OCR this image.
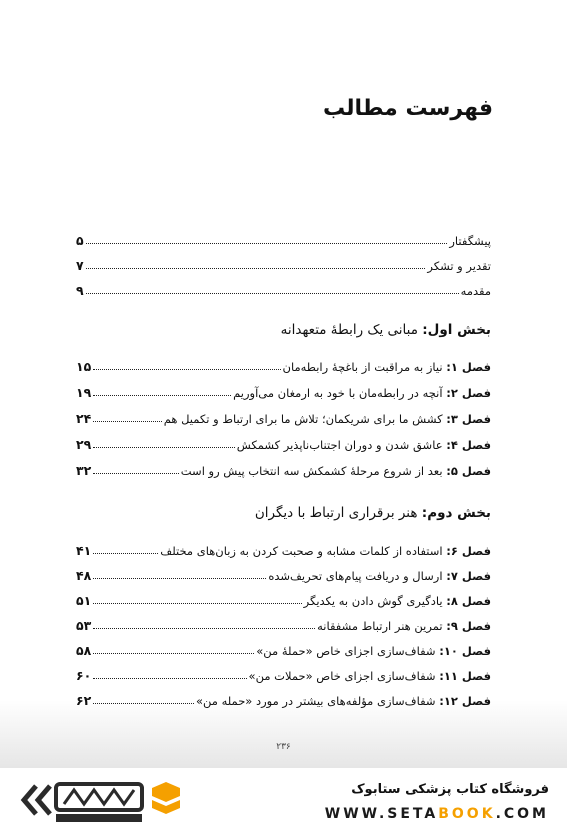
فهرست مطالب
پیشگفتار
۵
تقدیر و تشکر
۷
مقدمه
۹
بخش اول: مبانی یک رابطهٔ متعهدانه
فصل ۱: نیاز به مراقبت از باغچهٔ رابطه‌مان
۱۵
فصل ۲: آنچه در رابطه‌مان با خود به ارمغان می‌آوریم
۱۹
فصل ۳: کشش ما برای شریکمان؛ تلاش ما برای ارتباط و تکمیل هم
۲۴
فصل ۴: عاشق شدن و دوران اجتناب‌ناپذیر کشمکش
۲۹
فصل ۵: بعد از شروع مرحلهٔ کشمکش سه انتخاب پیش رو است
۳۲
بخش دوم: هنر برقراری ارتباط با دیگران
فصل ۶: استفاده از کلمات مشابه و صحبت کردن به زبان‌های مختلف
۴۱
فصل ۷: ارسال و دریافت پیام‌های تحریف‌شده
۴۸
فصل ۸: یادگیری گوش دادن به یکدیگر
۵۱
فصل ۹: تمرین هنر ارتباط مشفقانه
۵۳
فصل ۱۰: شفاف‌سازی اجزای خاص «حملهٔ من»
۵۸
فصل ۱۱: شفاف‌سازی اجزای خاص «حملات من»
۶۰
فصل ۱۲: شفاف‌سازی مؤلفه‌های بیشتر در مورد «حمله من»
۶۲
۲۳۶
فروشگاه کتاب پزشکی ستابوک
WWW.SETABOOK.COM
